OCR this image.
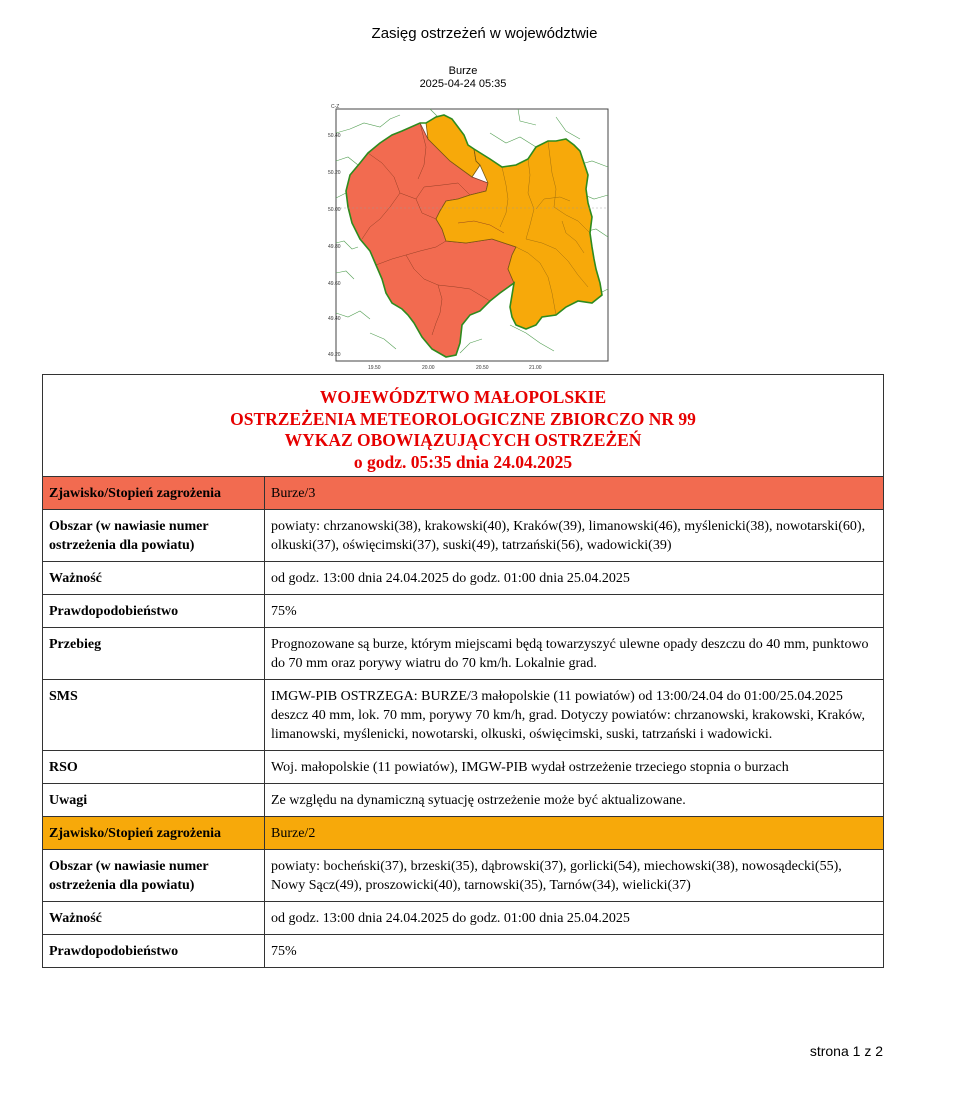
Zasięg ostrzeżeń w województwie
Burze
2025-04-24 05:35
C-Z
50.40
50.20
50.00
49.80
49.60
49.40
49.20
19.50	20.00	20.50	21.00
WOJEWÓDZTWO MAŁOPOLSKIE
OSTRZEŻENIA METEOROLOGICZNE ZBIORCZO NR 99
WYKAZ OBOWIĄZUJĄCYCH OSTRZEŻEŃ
o godz. 05:35 dnia 24.04.2025	

Zjawisko/Stopień zagrożenia	Burze/3
Obszar (w nawiasie numer ostrzeżenia dla powiatu)	powiaty: chrzanowski(38), krakowski(40), Kraków(39), limanowski(46), myślenicki(38), nowotarski(60), olkuski(37), oświęcimski(37), suski(49), tatrzański(56), wadowicki(39)
Ważność	od godz. 13:00 dnia 24.04.2025 do godz. 01:00 dnia 25.04.2025
Prawdopodobieństwo	75%
Przebieg	Prognozowane są burze, którym miejscami będą towarzyszyć ulewne opady deszczu do 40 mm, punktowo do 70 mm oraz porywy wiatru do 70 km/h. Lokalnie grad.
SMS	IMGW-PIB OSTRZEGA: BURZE/3 małopolskie (11 powiatów) od 13:00/24.04 do 01:00/25.04.2025 deszcz 40 mm, lok. 70 mm, porywy 70 km/h, grad. Dotyczy powiatów: chrzanowski, krakowski, Kraków, limanowski, myślenicki, nowotarski, olkuski, oświęcimski, suski, tatrzański i wadowicki.
RSO	Woj. małopolskie (11 powiatów), IMGW-PIB wydał ostrzeżenie trzeciego stopnia o burzach
Uwagi	Ze względu na dynamiczną sytuację ostrzeżenie może być aktualizowane.
Zjawisko/Stopień zagrożenia	Burze/2
Obszar (w nawiasie numer ostrzeżenia dla powiatu)	powiaty: bocheński(37), brzeski(35), dąbrowski(37), gorlicki(54), miechowski(38), nowosądecki(55), Nowy Sącz(49), proszowicki(40), tarnowski(35), Tarnów(34), wielicki(37)
Ważność	od godz. 13:00 dnia 24.04.2025 do godz. 01:00 dnia 25.04.2025
Prawdopodobieństwo	75%
strona 1 z 2
